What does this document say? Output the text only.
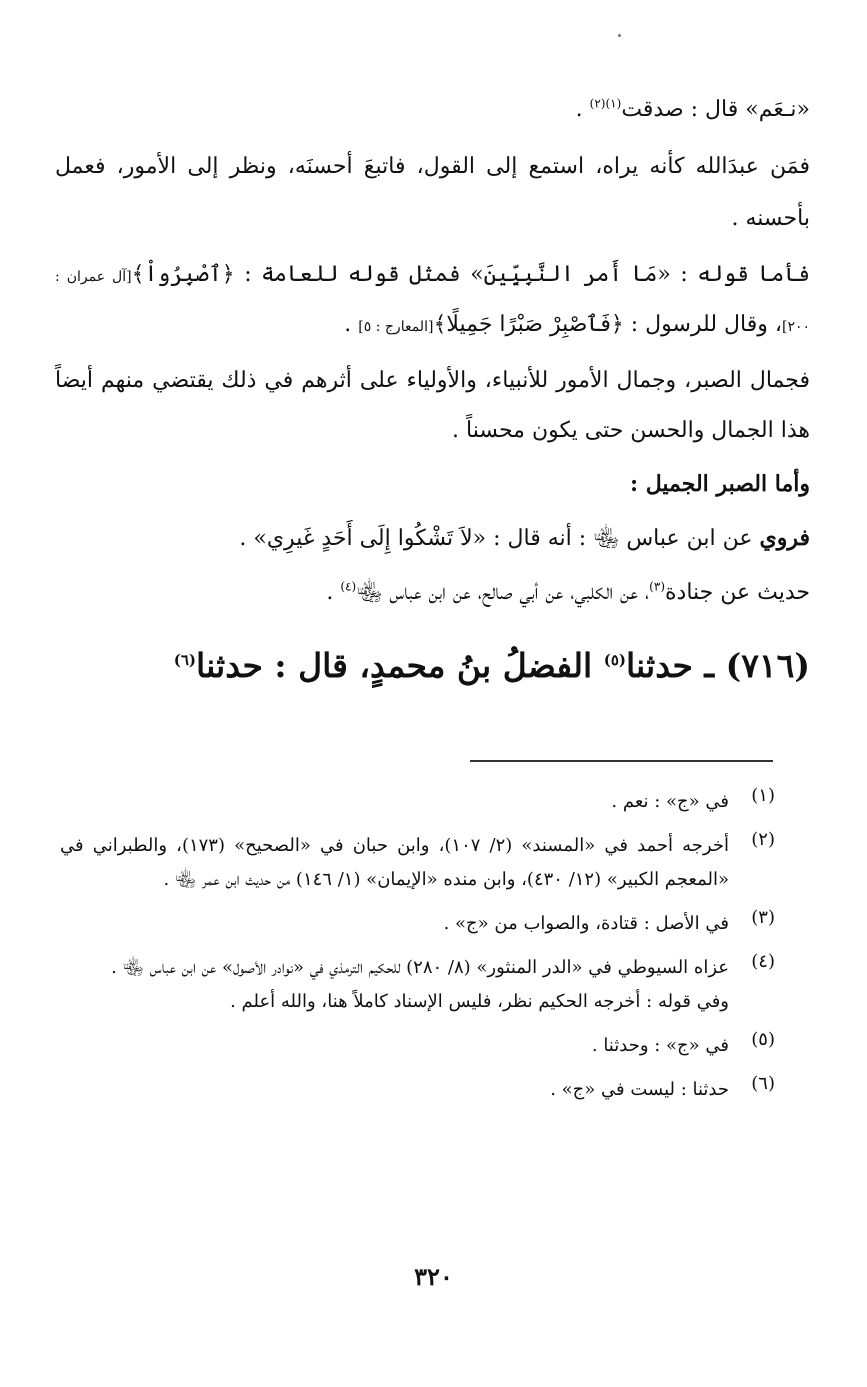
«نـعَم» قال : صدقت$^{(١)(٢)}$ .

فمَن عبدَالله كأنه يراه، استمع إلى القول، فاتبعَ أحسنَه، ونظر إلى الأمور، فعمل بأحسنه .

فأما قوله : «مَا أَمر النَّبِيِّينَ» فمثل قوله للعامة : ﴿ٱصْبِرُواْ﴾[آل عمران : ٢٠٠]، وقال للرسول : ﴿فَٱصْبِرْ صَبْرًا جَمِيلًا﴾[المعارج : ٥] .

فجمال الصبر، وجمال الأمور للأنبياء، والأولياء على أثرهم في ذلك يقتضي منهم أيضاً هذا الجمال والحسن حتى يكون محسناً .

وأما الصبر الجميل :

فروي عن ابن عباس ﵄ : أنه قال : «لاَ تَشْكُوا إِلَى أَحَدٍ غَيرِي» .

حديث عن جنادة$^{(٣)}$، عن الكلبي، عن أبي صالح، عن ابن عباس ﵄$^{(٤)}$ .

(٧١٦) ـ حدثنا$^{(٥)}$ الفضلُ بنُ محمدٍ، قال : حدثنا$^{(٦)}$

(١)
في «ج» : نعم .
(٢)
أخرجه أحمد في «المسند» (٢/ ١٠٧)، وابن حبان في «الصحيح» (١٧٣)، والطبراني في «المعجم الكبير» (١٢/ ٤٣٠)، وابن منده «الإيمان» (١/ ١٤٦) من حديث ابن عمر ﵄ .
(٣)
في الأصل : قتادة، والصواب من «ج» .
(٤)
عزاه السيوطي في «الدر المنثور» (٨/ ٢٨٠) للحكيم الترمذي في «نوادر الأصول» عن ابن عباس ﵄ .

وفي قوله : أخرجه الحكيم نظر، فليس الإسناد كاملاً هنا، والله أعلم .

(٥)
في «ج» : وحدثنا .
(٦)
حدثنا : ليست في «ج» .
٣٢٠
